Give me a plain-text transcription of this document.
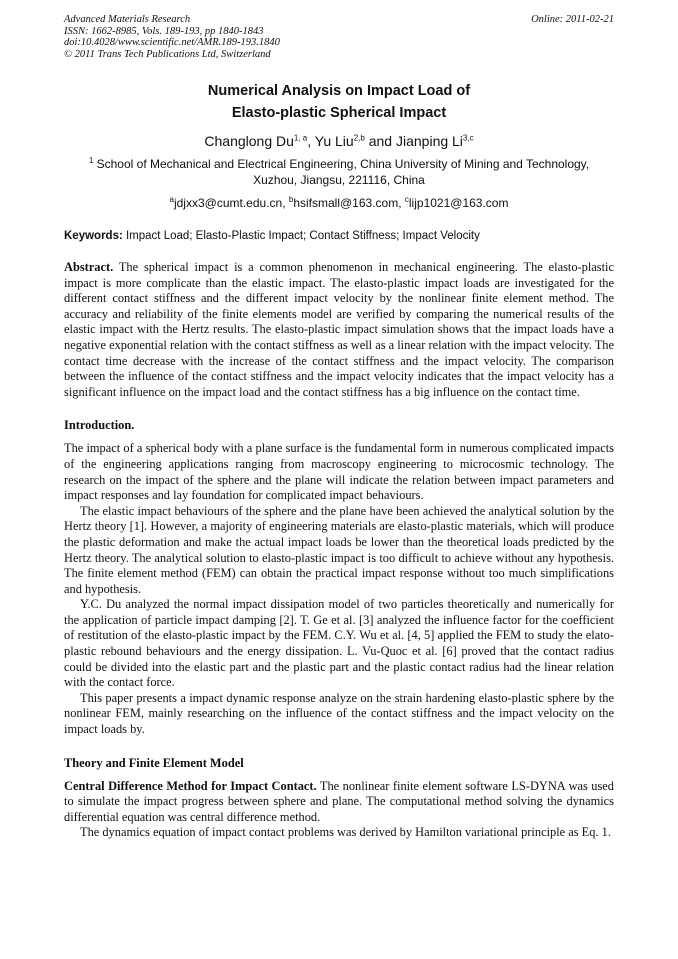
Advanced Materials Research
ISSN: 1662-8985, Vols. 189-193, pp 1840-1843
doi:10.4028/www.scientific.net/AMR.189-193.1840
© 2011 Trans Tech Publications Ltd, Switzerland
Online: 2011-02-21
Numerical Analysis on Impact Load of
Elasto-plastic Spherical Impact
Changlong Du$^{1, a}$, Yu Liu$^{2,b}$ and Jianping Li$^{3,c}$
$^1$ School of Mechanical and Electrical Engineering, China University of Mining and Technology,
Xuzhou, Jiangsu, 221116, China
$^a$jdjxx3@cumt.edu.cn, $^b$hsifsmall@163.com, $^c$lijp1021@163.com
Keywords: Impact Load; Elasto-Plastic Impact; Contact Stiffness; Impact Velocity

Abstract. The spherical impact is a common phenomenon in mechanical engineering. The elasto-plastic impact is more complicate than the elastic impact. The elasto-plastic impact loads are investigated for the different contact stiffness and the different impact velocity by the nonlinear finite element method. The accuracy and reliability of the finite elements model are verified by comparing the numerical results of the elastic impact with the Hertz results. The elasto-plastic impact simulation shows that the impact loads have a negative exponential relation with the contact stiffness as well as a linear relation with the impact velocity. The contact time decrease with the increase of the contact stiffness and the impact velocity. The comparison between the influence of the contact stiffness and the impact velocity indicates that the impact velocity has a significant influence on the impact load and the contact stiffness has a big influence on the contact time.

Introduction.

The impact of a spherical body with a plane surface is the fundamental form in numerous complicated impacts of the engineering applications ranging from macroscopy engineering to microcosmic technology. The research on the impact of the sphere and the plane will indicate the relation between impact parameters and impact responses and lay foundation for complicated impact behaviours.

The elastic impact behaviours of the sphere and the plane have been achieved the analytical solution by the Hertz theory [1]. However, a majority of engineering materials are elasto-plastic materials, which will produce the plastic deformation and make the actual impact loads be lower than the theoretical loads predicted by the Hertz theory. The analytical solution to elasto-plastic impact is too difficult to achieve without any hypothesis. The finite element method (FEM) can obtain the practical impact response without too much simplifications and hypothesis.

Y.C. Du analyzed the normal impact dissipation model of two particles theoretically and numerically for the application of particle impact damping [2]. T. Ge et al. [3] analyzed the influence factor for the coefficient of restitution of the elasto-plastic impact by the FEM. C.Y. Wu et al. [4, 5] applied the FEM to study the elato-plastic rebound behaviours and the energy dissipation. L. Vu-Quoc et al. [6] proved that the contact radius could be divided into the elastic part and the plastic part and the plastic contact radius had the linear relation with the contact force.

This paper presents a impact dynamic response analyze on the strain hardening elasto-plastic sphere by the nonlinear FEM, mainly researching on the influence of the contact stiffness and the impact velocity on the impact loads by.

Theory and Finite Element Model

Central Difference Method for Impact Contact. The nonlinear finite element software LS-DYNA was used to simulate the impact progress between sphere and plane. The computational method solving the dynamics differential equation was central difference method.

The dynamics equation of impact contact problems was derived by Hamilton variational principle as Eq. 1.
